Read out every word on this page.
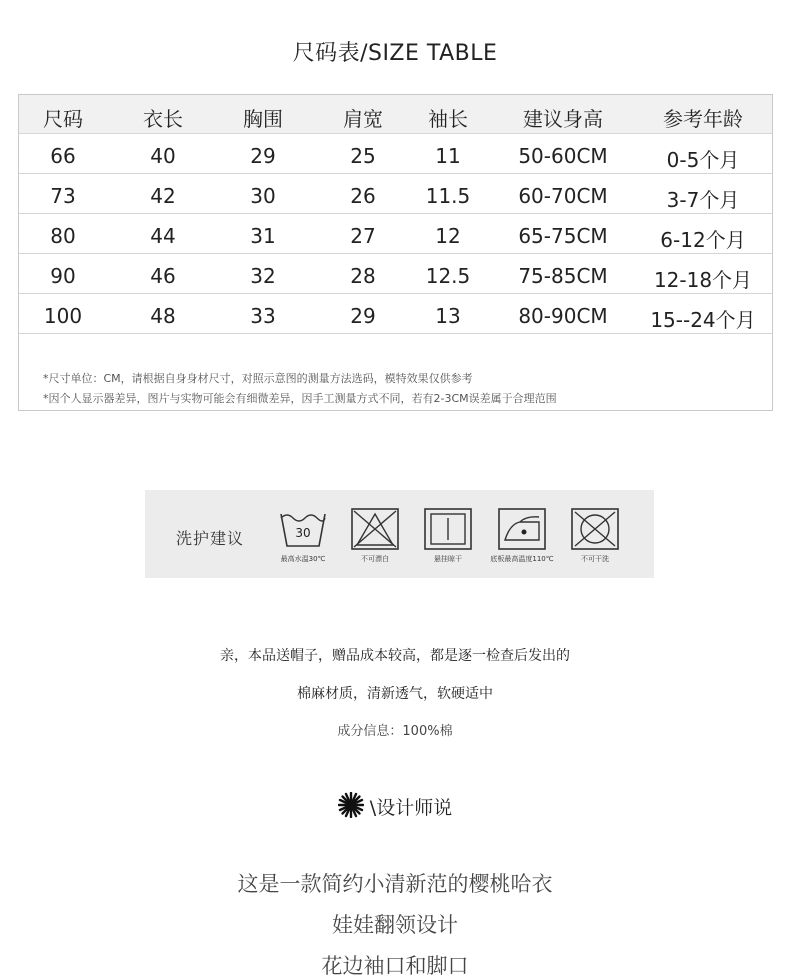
尺码表/SIZE TABLE
尺码	衣长	胸围	肩宽 袖长	建议身高	参考年龄
66	40	29	25	11	50-60CM	0-5个月
73	42	30	26	11.5 60-70CM	3-7个月
80	44	31	27	12	65-75CM	6-12个月
90	46	32	28	12.5 75-85CM 12-18个月
100	48	33	29	13	80-90CM 15--24个月
*尺寸单位：CM，请根据自身身材尺寸，对照示意图的测量方法选码，模特效果仅供参考
*因个人显示器差异，图片与实物可能会有细微差异，因手工测量方式不同，若有2-3CM误差属于合理范围
洗护建议	30
最高水温30℃	不可漂白	悬挂晾干	底板最高温度110℃	不可干洗
亲，本品送帽子，赠品成本较高，都是逐一检查后发出的
棉麻材质，清新透气，软硬适中
成分信息：100%棉
\设计师说
这是一款简约小清新范的樱桃哈衣
娃娃翻领设计
花边袖口和脚口
